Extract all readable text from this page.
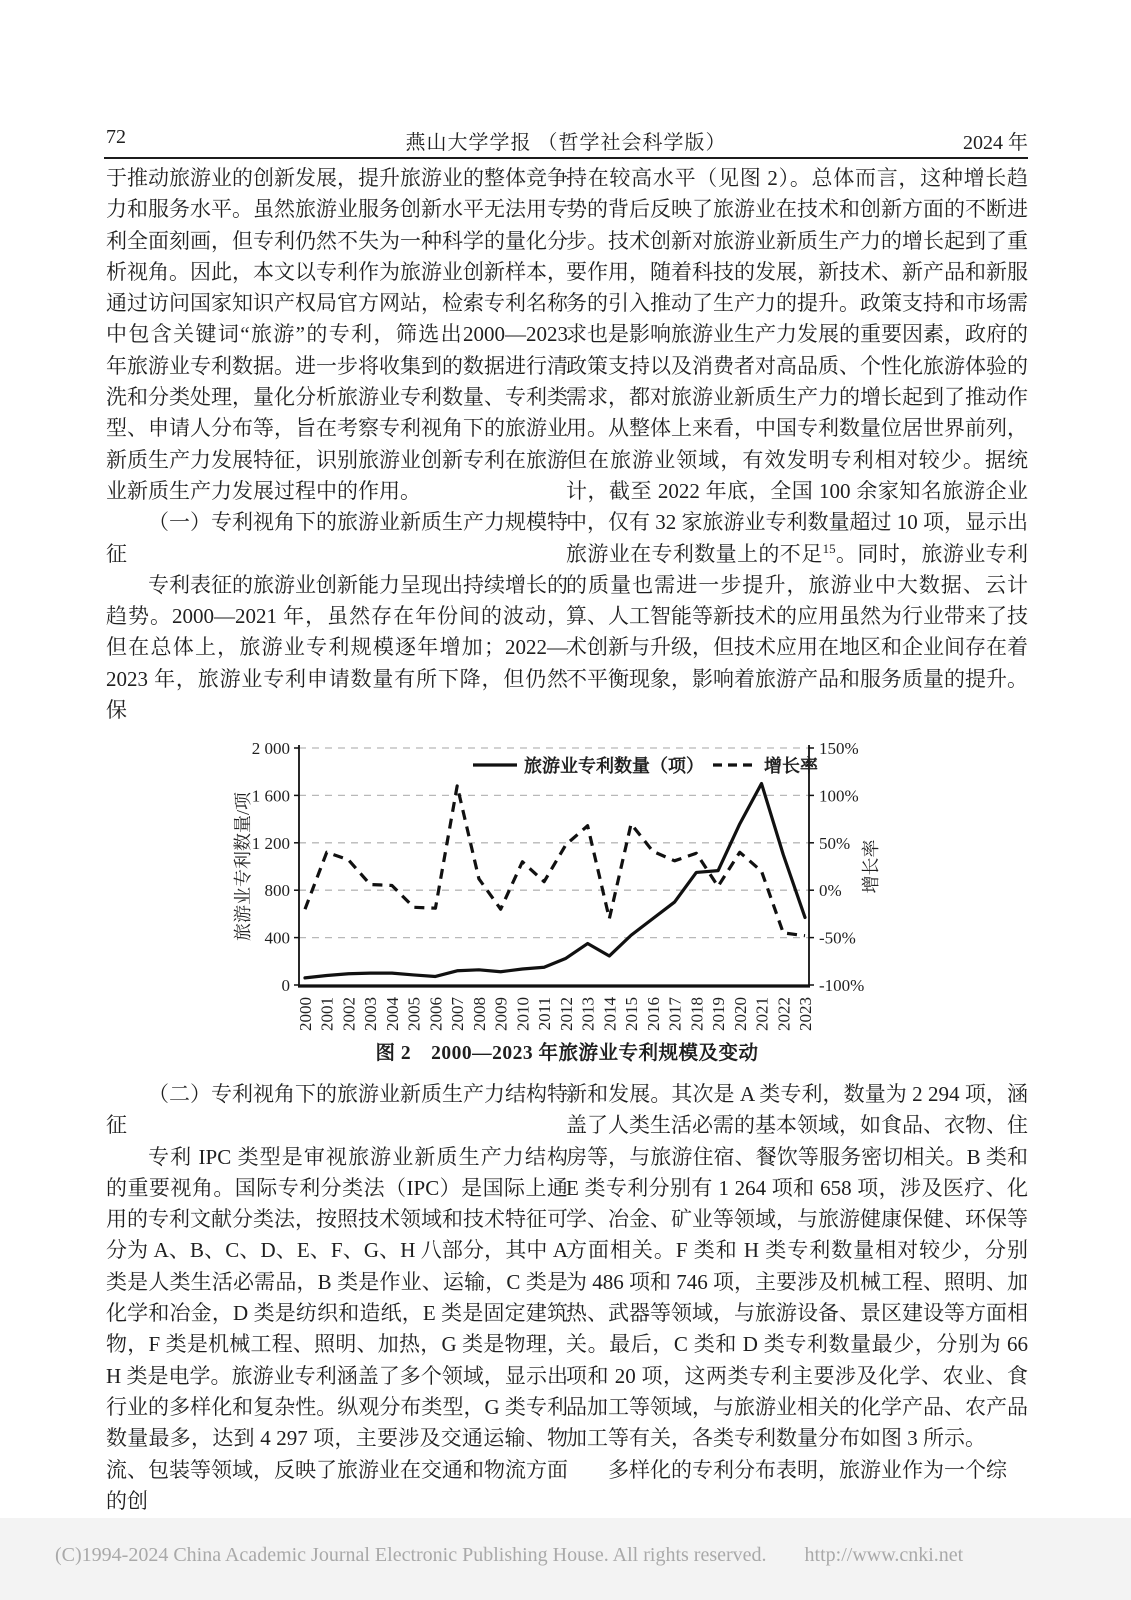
72	燕山大学学报 （哲学社会科学版）	2024 年

于推动旅游业的创新发展，提升旅游业的整体竞争力和服务水平。虽然旅游业服务创新水平无法用专利全面刻画，但专利仍然不失为一种科学的量化分析视角。因此，本文以专利作为旅游业创新样本，通过访问国家知识产权局官方网站，检索专利名称中包含关键词“旅游”的专利，筛选出2000—2023 年旅游业专利数据。进一步将收集到的数据进行清洗和分类处理，量化分析旅游业专利数量、专利类型、申请人分布等，旨在考察专利视角下的旅游业新质生产力发展特征，识别旅游业创新专利在旅游业新质生产力发展过程中的作用。

（一）专利视角下的旅游业新质生产力规模特征

专利表征的旅游业创新能力呈现出持续增长的趋势。2000—2021 年，虽然存在年份间的波动，但在总体上，旅游业专利规模逐年增加；2022—2023 年，旅游业专利申请数量有所下降，但仍然保

持在较高水平（见图 2）。总体而言，这种增长趋势的背后反映了旅游业在技术和创新方面的不断进步。技术创新对旅游业新质生产力的增长起到了重要作用，随着科技的发展，新技术、新产品和新服务的引入推动了生产力的提升。政策支持和市场需求也是影响旅游业生产力发展的重要因素，政府的政策支持以及消费者对高品质、个性化旅游体验的需求，都对旅游业新质生产力的增长起到了推动作用。从整体上来看，中国专利数量位居世界前列，但在旅游业领域，有效发明专利相对较少。据统计，截至 2022 年底，全国 100 余家知名旅游企业中，仅有 32 家旅游业专利数量超过 10 项，显示出旅游业在专利数量上的不足$^{15}$。同时，旅游业专利的质量也需进一步提升，旅游业中大数据、云计算、人工智能等新技术的应用虽然为行业带来了技术创新与升级，但技术应用在地区和企业间存在着不平衡现象，影响着旅游产品和服务质量的提升。

0
400
800
1 200
1 600
2 000
-100%
-50%
0%
50%
100%
150%
2000 2001 2002 2003 2004 2005 2006 2007 2008 2009 2010 2011 2012 2013 2014 2015 2016 2017 2018 2019 2020 2021 2022 2023
旅游业专利数量/项	增长率
旅游业专利数量（项）	增长率
图 2　2000—2023 年旅游业专利规模及变动

（二）专利视角下的旅游业新质生产力结构特征

专利 IPC 类型是审视旅游业新质生产力结构的重要视角。国际专利分类法（IPC）是国际上通用的专利文献分类法，按照技术领域和技术特征可分为 A、B、C、D、E、F、G、H 八部分，其中 A 类是人类生活必需品，B 类是作业、运输，C 类是化学和冶金，D 类是纺织和造纸，E 类是固定建筑物，F 类是机械工程、照明、加热，G 类是物理，H 类是电学。旅游业专利涵盖了多个领域，显示出行业的多样化和复杂性。纵观分布类型，G 类专利数量最多，达到 4 297 项，主要涉及交通运输、物流、包装等领域，反映了旅游业在交通和物流方面的创

新和发展。其次是 A 类专利，数量为 2 294 项，涵盖了人类生活必需的基本领域，如食品、衣物、住房等，与旅游住宿、餐饮等服务密切相关。B 类和 E 类专利分别有 1 264 项和 658 项，涉及医疗、化学、冶金、矿业等领域，与旅游健康保健、环保等方面相关。F 类和 H 类专利数量相对较少，分别为 486 项和 746 项，主要涉及机械工程、照明、加热、武器等领域，与旅游设备、景区建设等方面相关。最后，C 类和 D 类专利数量最少，分别为 66 项和 20 项，这两类专利主要涉及化学、农业、食品加工等领域，与旅游业相关的化学产品、农产品加工等有关，各类专利数量分布如图 3 所示。

多样化的专利分布表明，旅游业作为一个综

(C)1994-2024 China Academic Journal Electronic Publishing House. All rights reserved. http://www.cnki.net
